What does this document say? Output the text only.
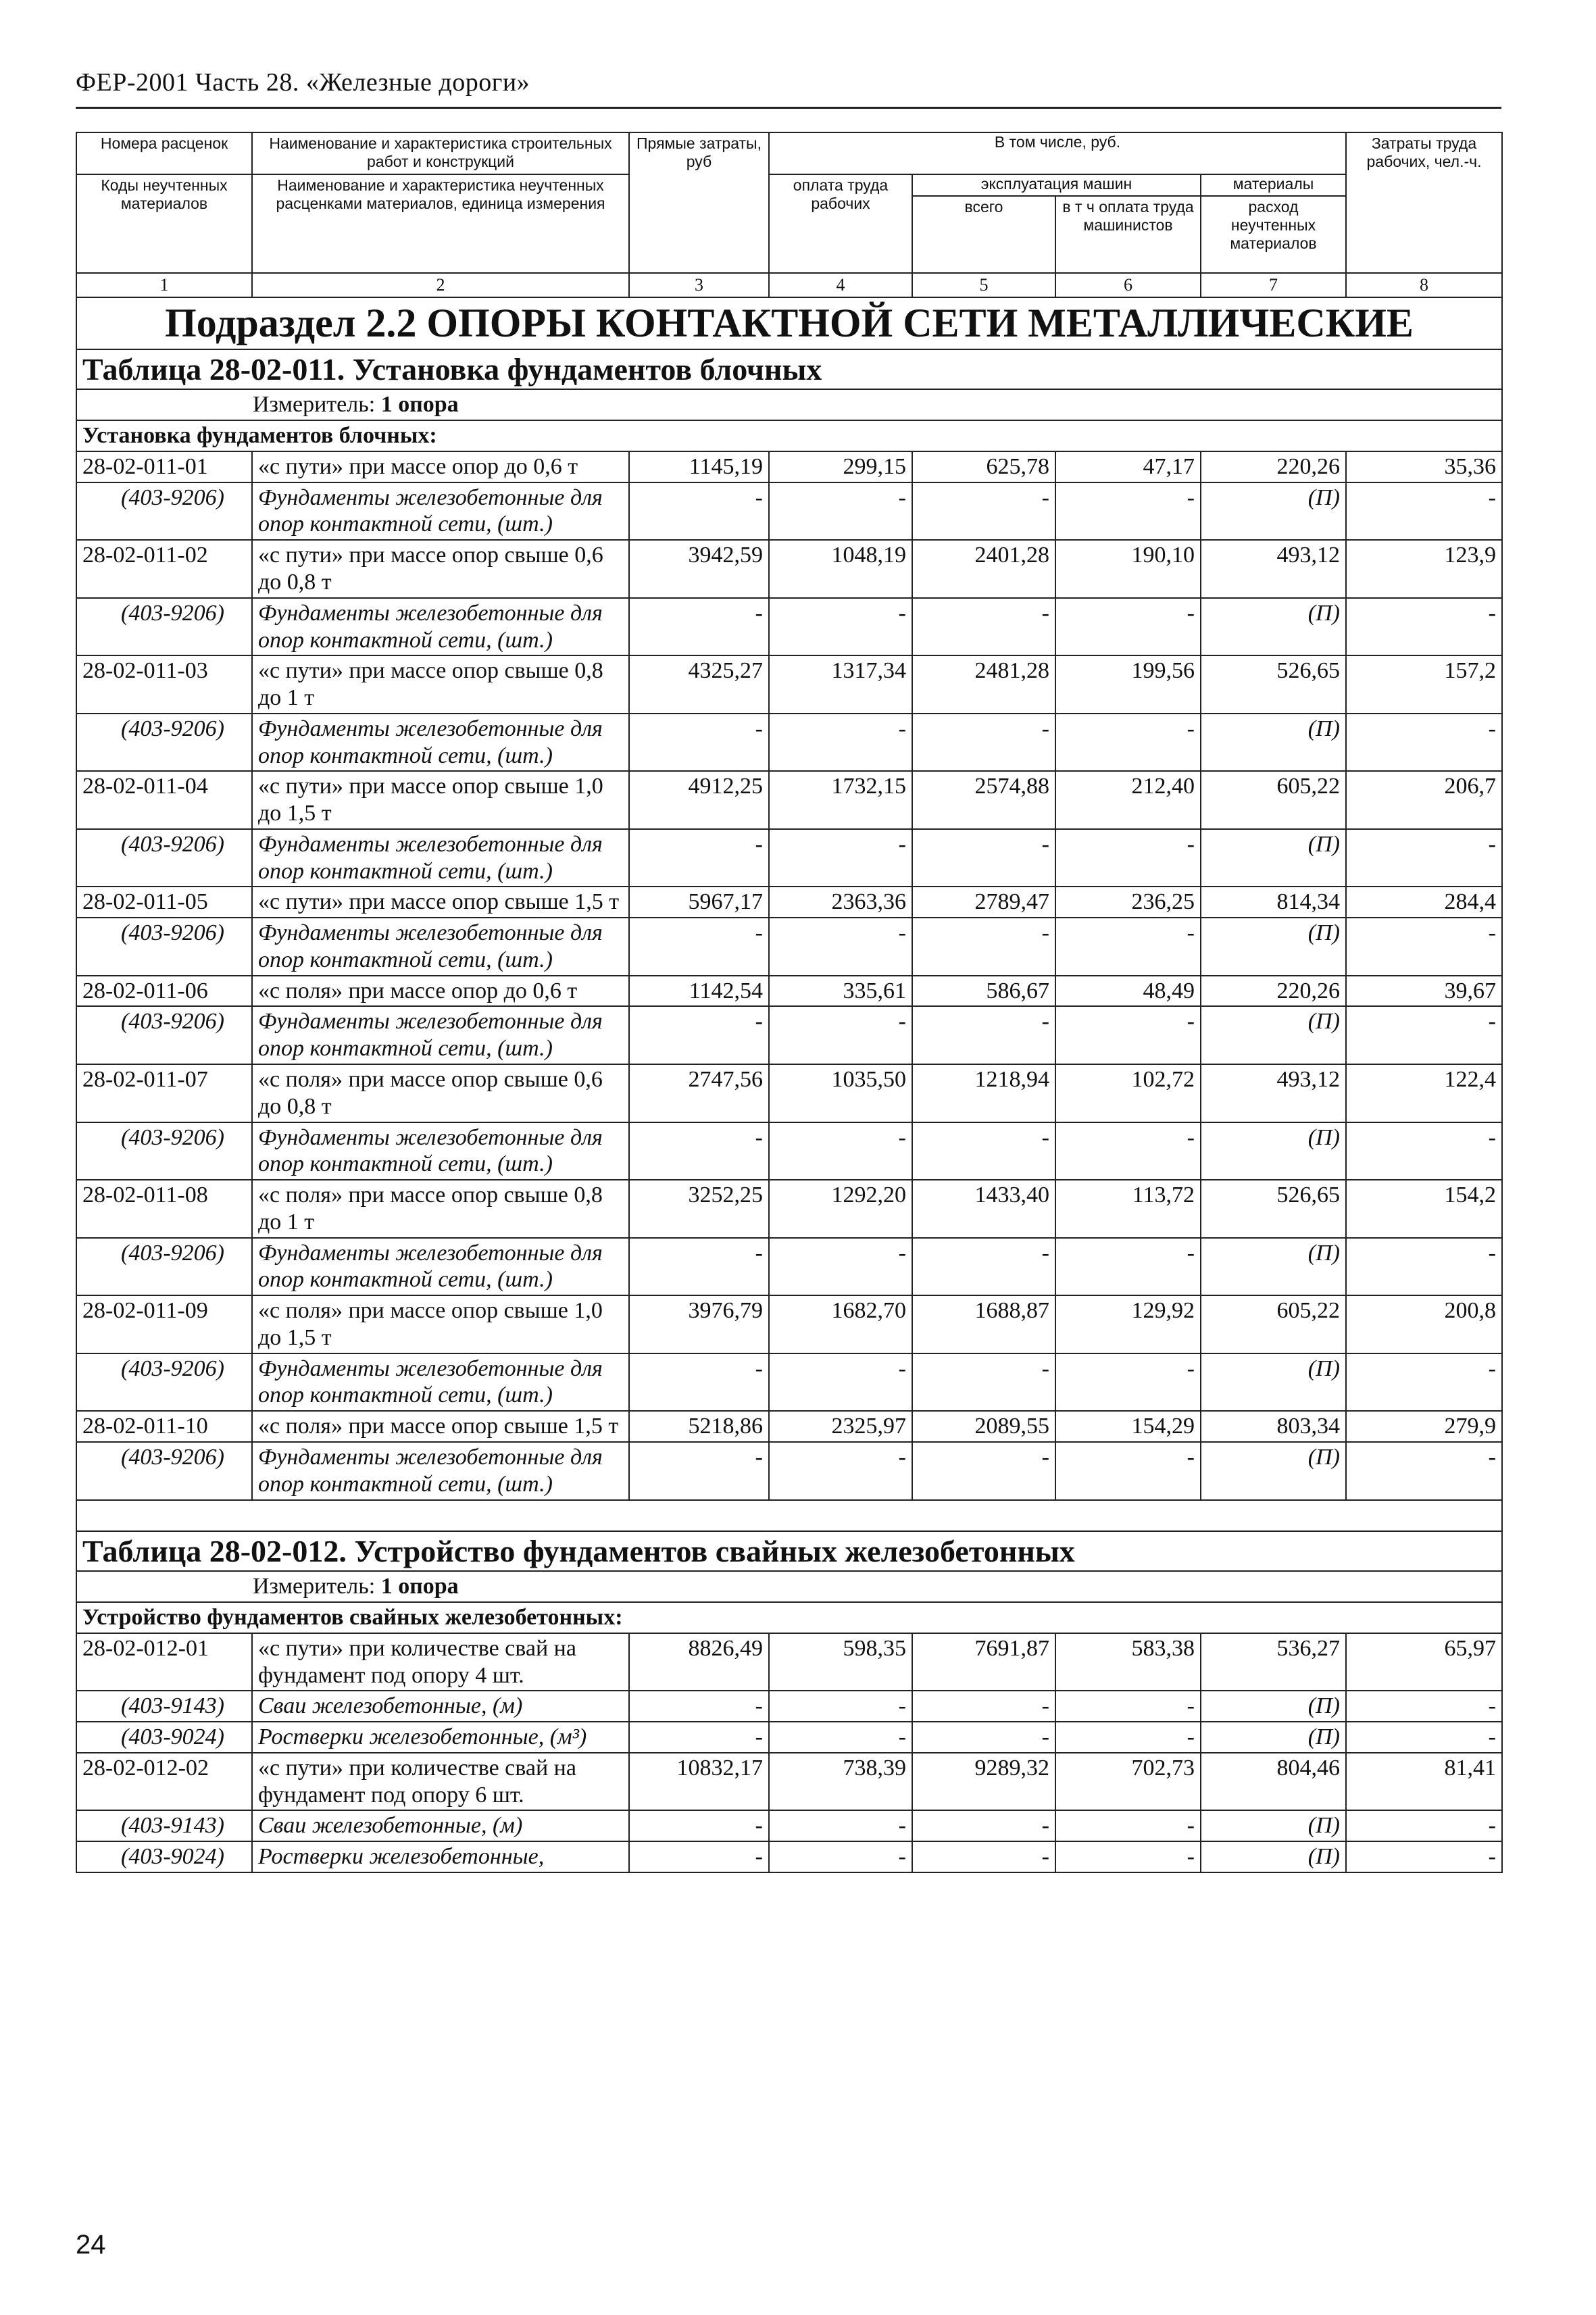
ФЕР-2001 Часть 28. «Железные дороги»
Номера расценок	Наименование и характеристика строительных работ и конструкций	Прямые затраты, руб	В том числе, руб.				Затраты труда рабочих, чел.-ч.
Коды неучтенных материалов	Наименование и характеристика неучтенных расценками материалов, единица измерения		оплата труда рабочих	эксплуатация машин		материалы	
				всего	в т ч оплата труда машинистов	расход неучтенных материалов	
1	2	3	4	5	6	7	8
Подраздел 2.2 ОПОРЫ КОНТАКТНОЙ СЕТИ МЕТАЛЛИЧЕСКИЕ							
Таблица 28-02-011. Установка фундаментов блочных							
Измеритель: 1 опора							
Установка фундаментов блочных:							
28-02-011-01	«с пути» при массе опор до 0,6 т	1145,19	299,15	625,78	47,17	220,26	35,36
(403-9206)	Фундаменты железобетонные для опор контактной сети, (шт.)	-	-	-	-	(П)	-
28-02-011-02	«с пути» при массе опор свыше 0,6 до 0,8 т	3942,59	1048,19	2401,28	190,10	493,12	123,9
(403-9206)	Фундаменты железобетонные для опор контактной сети, (шт.)	-	-	-	-	(П)	-
28-02-011-03	«с пути» при массе опор свыше 0,8 до 1 т	4325,27	1317,34	2481,28	199,56	526,65	157,2
(403-9206)	Фундаменты железобетонные для опор контактной сети, (шт.)	-	-	-	-	(П)	-
28-02-011-04	«с пути» при массе опор свыше 1,0 до 1,5 т	4912,25	1732,15	2574,88	212,40	605,22	206,7
(403-9206)	Фундаменты железобетонные для опор контактной сети, (шт.)	-	-	-	-	(П)	-
28-02-011-05	«с пути» при массе опор свыше 1,5 т	5967,17	2363,36	2789,47	236,25	814,34	284,4
(403-9206)	Фундаменты железобетонные для опор контактной сети, (шт.)	-	-	-	-	(П)	-
28-02-011-06	«с поля» при массе опор до 0,6 т	1142,54	335,61	586,67	48,49	220,26	39,67
(403-9206)	Фундаменты железобетонные для опор контактной сети, (шт.)	-	-	-	-	(П)	-
28-02-011-07	«с поля» при массе опор свыше 0,6 до 0,8 т	2747,56	1035,50	1218,94	102,72	493,12	122,4
(403-9206)	Фундаменты железобетонные для опор контактной сети, (шт.)	-	-	-	-	(П)	-
28-02-011-08	«с поля» при массе опор свыше 0,8 до 1 т	3252,25	1292,20	1433,40	113,72	526,65	154,2
(403-9206)	Фундаменты железобетонные для опор контактной сети, (шт.)	-	-	-	-	(П)	-
28-02-011-09	«с поля» при массе опор свыше 1,0 до 1,5 т	3976,79	1682,70	1688,87	129,92	605,22	200,8
(403-9206)	Фундаменты железобетонные для опор контактной сети, (шт.)	-	-	-	-	(П)	-
28-02-011-10	«с поля» при массе опор свыше 1,5 т	5218,86	2325,97	2089,55	154,29	803,34	279,9
(403-9206)	Фундаменты железобетонные для опор контактной сети, (шт.)	-	-	-	-	(П)	-

Таблица 28-02-012. Устройство фундаментов свайных железобетонных							
Измеритель: 1 опора							
Устройство фундаментов свайных железобетонных:							
28-02-012-01	«с пути» при количестве свай на фундамент под опору 4 шт.	8826,49	598,35	7691,87	583,38	536,27	65,97
(403-9143)	Сваи железобетонные, (м)	-	-	-	-	(П)	-
(403-9024)	Ростверки железобетонные, (м³)	-	-	-	-	(П)	-
28-02-012-02	«с пути» при количестве свай на фундамент под опору 6 шт.	10832,17	738,39	9289,32	702,73	804,46	81,41
(403-9143)	Сваи железобетонные, (м)	-	-	-	-	(П)	-
(403-9024)	Ростверки железобетонные,	-	-	-	-	(П)	-
24
